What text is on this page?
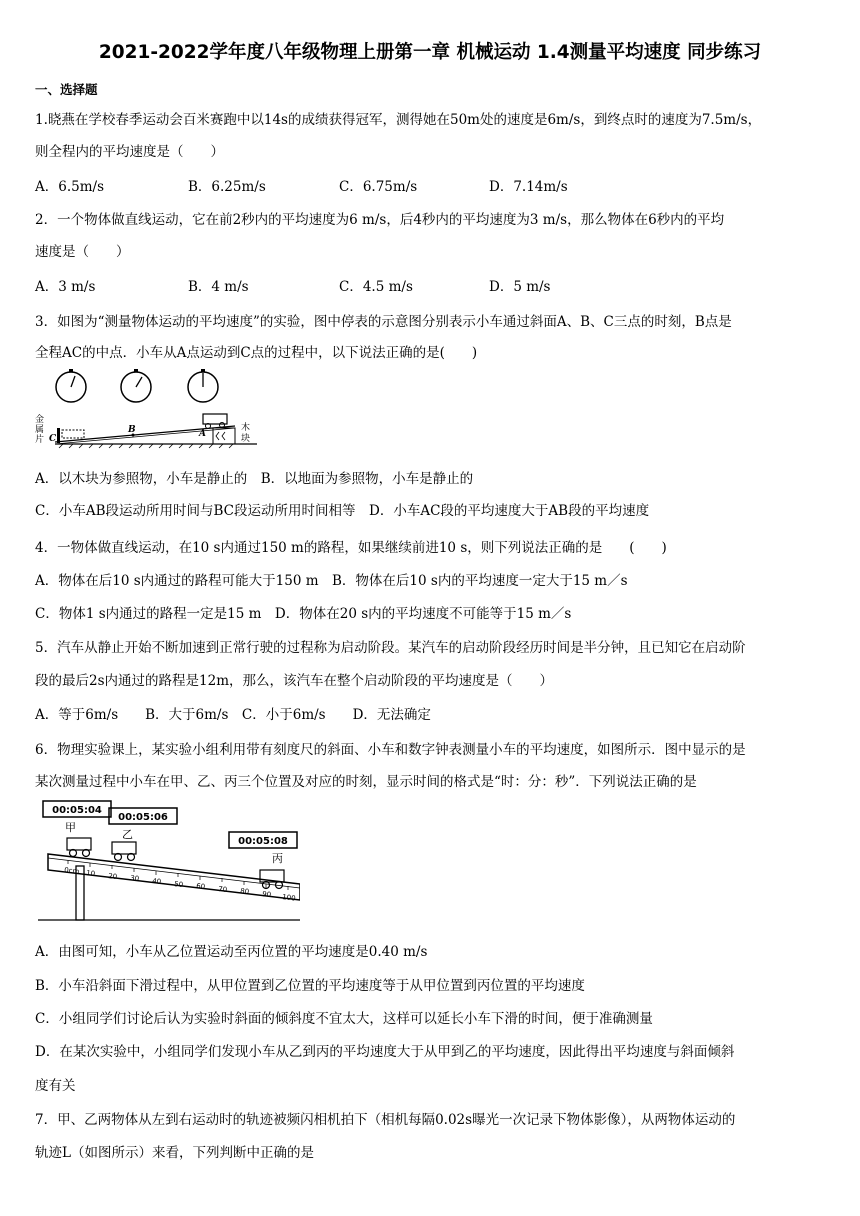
2021-2022学年度八年级物理上册第一章 机械运动 1.4测量平均速度 同步练习
一、选择题
1.晓燕在学校春季运动会百米赛跑中以14s的成绩获得冠军，测得她在50m处的速度是6m/s，到终点时的速度为7.5m/s，
则全程内的平均速度是（　　）
A．6.5m/s	B．6.25m/s	C．6.75m/s	D．7.14m/s
2．一个物体做直线运动，它在前2秒内的平均速度为6 m/s，后4秒内的平均速度为3 m/s，那么物体在6秒内的平均
速度是（　　）
A．3 m/s	B．4 m/s	C．4.5 m/s	D．5 m/s
3．如图为“测量物体运动的平均速度”的实验，图中停表的示意图分别表示小车通过斜面A、B、C三点的时刻，B点是
全程AC的中点．小车从A点运动到C点的过程中，以下说法正确的是(　　)
金
属
片
木
块
C
B	A
A．以木块为参照物，小车是静止的　B．以地面为参照物，小车是静止的
C．小车AB段运动所用时间与BC段运动所用时间相等　D．小车AC段的平均速度大于AB段的平均速度
4．一物体做直线运动，在10 s内通过150 m的路程，如果继续前进10 s，则下列说法正确的是　　(　　)
A．物体在后10 s内通过的路程可能大于150 m　B．物体在后10 s内的平均速度一定大于15 m／s
C．物体1 s内通过的路程一定是15 m　D．物体在20 s内的平均速度不可能等于15 m／s
5．汽车从静止开始不断加速到正常行驶的过程称为启动阶段。某汽车的启动阶段经历时间是半分钟，且已知它在启动阶
段的最后2s内通过的路程是12m，那么，该汽车在整个启动阶段的平均速度是（　　）
A．等于6m/s　　B．大于6m/s　C．小于6m/s　　D．无法确定
6．物理实验课上，某实验小组利用带有刻度尺的斜面、小车和数字钟表测量小车的平均速度，如图所示．图中显示的是
某次测量过程中小车在甲、乙、丙三个位置及对应的时刻，显示时间的格式是“时：分：秒”．下列说法正确的是
00:05:04
00:05:06
00:05:08
甲
乙
丙
0cm 10 20 30 40 50 60 70 80 90 100
A．由图可知，小车从乙位置运动至丙位置的平均速度是0.40 m/s
B．小车沿斜面下滑过程中，从甲位置到乙位置的平均速度等于从甲位置到丙位置的平均速度
C．小组同学们讨论后认为实验时斜面的倾斜度不宜太大，这样可以延长小车下滑的时间，便于准确测量
D．在某次实验中，小组同学们发现小车从乙到丙的平均速度大于从甲到乙的平均速度，因此得出平均速度与斜面倾斜
度有关
7．甲、乙两物体从左到右运动时的轨迹被频闪相机拍下（相机每隔0.02s曝光一次记录下物体影像），从两物体运动的
轨迹L（如图所示）来看，下列判断中正确的是
